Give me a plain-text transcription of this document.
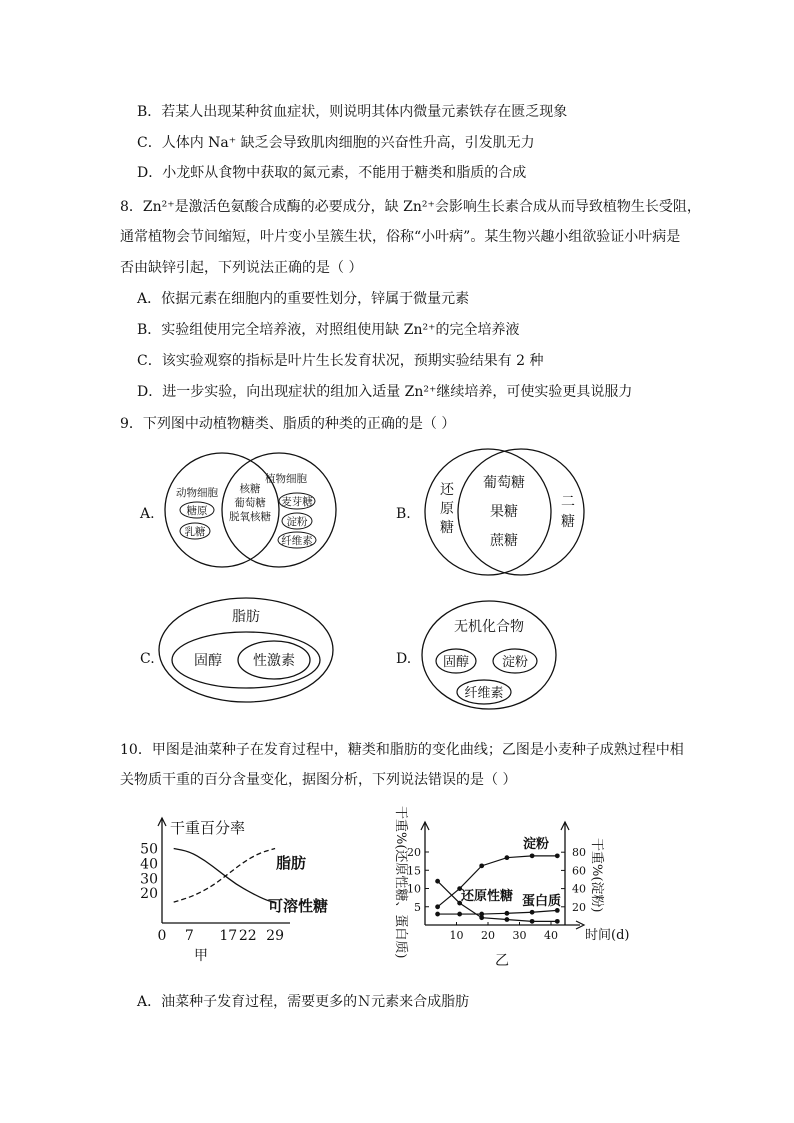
B．若某人出现某种贫血症状，则说明其体内微量元素铁存在匮乏现象
C．人体内 Na⁺ 缺乏会导致肌肉细胞的兴奋性升高，引发肌无力
D．小龙虾从食物中获取的氮元素，不能用于糖类和脂质的合成
8．Zn²⁺是激活色氨酸合成酶的必要成分，缺 Zn²⁺会影响生长素合成从而导致植物生长受阻，
通常植物会节间缩短，叶片变小呈簇生状，俗称“小叶病”。某生物兴趣小组欲验证小叶病是
否由缺锌引起，下列说法正确的是（ ）
A．依据元素在细胞内的重要性划分，锌属于微量元素
B．实验组使用完全培养液，对照组使用缺 Zn²⁺的完全培养液
C．该实验观察的指标是叶片生长发育状况，预期实验结果有 2 种
D．进一步实验，向出现症状的组加入适量 Zn²⁺继续培养，可使实验更具说服力
9．下列图中动植物糖类、脂质的种类的正确的是（ ）
10．甲图是油菜种子在发育过程中，糖类和脂肪的变化曲线；乙图是小麦种子成熟过程中相
关物质干重的百分含量变化，据图分析，下列说法错误的是（ ）
A．油菜种子发育过程，需要更多的Ｎ元素来合成脂肪
A.
动物细胞
糖原
乳糖
核糖
葡萄糖
脱氧核糖
植物细胞
麦芽糖
淀粉
纤维素
B.
还
原
糖
葡萄糖
果糖
蔗糖
二
糖
C.
脂肪
固醇 性激素	D.
无机化合物
固醇	淀粉
纤维素
干重百分率
20
30
40
50
0 7 17 22 29
甲
脂肪
可溶性糖	5
10
15
20
20
40
60
80
10 20 30 40 时间(d)
干重%(还原性糖、蛋白质)	干重%(淀粉)
乙
淀粉
还原性糖 蛋白质
